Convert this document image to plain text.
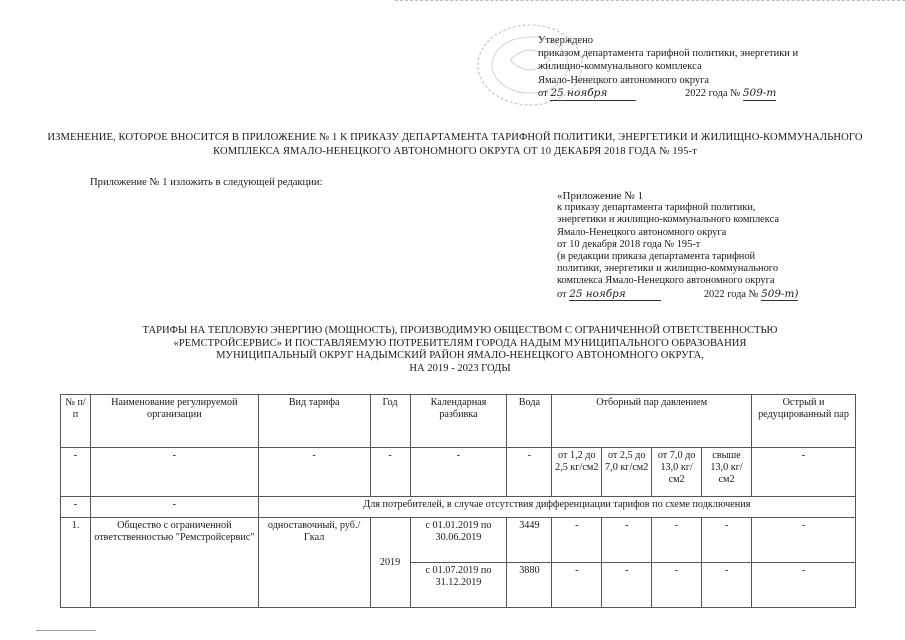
Утверждено
приказом департамента тарифной политики, энергетики и
жилищно-коммунального комплекса
Ямало-Ненецкого автономного округа
от 25 ноября	2022 года № 509-т
ИЗМЕНЕНИЕ, КОТОРОЕ ВНОСИТСЯ В ПРИЛОЖЕНИЕ № 1 К ПРИКАЗУ ДЕПАРТАМЕНТА ТАРИФНОЙ ПОЛИТИКИ, ЭНЕРГЕТИКИ И ЖИЛИЩНО-КОММУНАЛЬНОГО КОМПЛЕКСА ЯМАЛО-НЕНЕЦКОГО АВТОНОМНОГО ОКРУГА ОТ 10 ДЕКАБРЯ 2018 ГОДА № 195-т
Приложение № 1 изложить в следующей редакции:
«Приложение № 1
к приказу департамента тарифной политики,
энергетики и жилищно-коммунального комплекса
Ямало-Ненецкого автономного округа
от 10 декабря 2018 года № 195-т
(в редакции приказа департамента тарифной
политики, энергетики и жилищно-коммунального
комплекса Ямало-Ненецкого автономного округа
от 25 ноября	2022 года № 509-т)
ТАРИФЫ НА ТЕПЛОВУЮ ЭНЕРГИЮ (МОЩНОСТЬ), ПРОИЗВОДИМУЮ ОБЩЕСТВОМ С ОГРАНИЧЕННОЙ ОТВЕТСТВЕННОСТЬЮ
«РЕМСТРОЙСЕРВИС» И ПОСТАВЛЯЕМУЮ ПОТРЕБИТЕЛЯМ ГОРОДА НАДЫМ МУНИЦИПАЛЬНОГО ОБРАЗОВАНИЯ
МУНИЦИПАЛЬНЫЙ ОКРУГ НАДЫМСКИЙ РАЙОН ЯМАЛО-НЕНЕЦКОГО АВТОНОМНОГО ОКРУГА,
НА 2019 - 2023 ГОДЫ
№ п/п	Наименование регулируемой организации	Вид тарифа	Год	Календарная разбивка	Вода	Отборный пар давлением				Острый и редуцированный пар
-	-	-	-	-	-	от 1,2 до 2,5 кг/см2	от 2,5 до 7,0 кг/см2	от 7,0 до 13,0 кг/см2	свыше 13,0 кг/см2	-
-	-	Для потребителей, в случае отсутствия дифференциации тарифов по схеме подключения								
1.	Общество с ограниченной ответственностью "Ремстройсервис"	одноставочный, руб./Гкал	2019	с 01.01.2019 по 30.06.2019	3449	-	-	-	-	-
				с 01.07.2019 по 31.12.2019	3880	-	-	-	-	-
